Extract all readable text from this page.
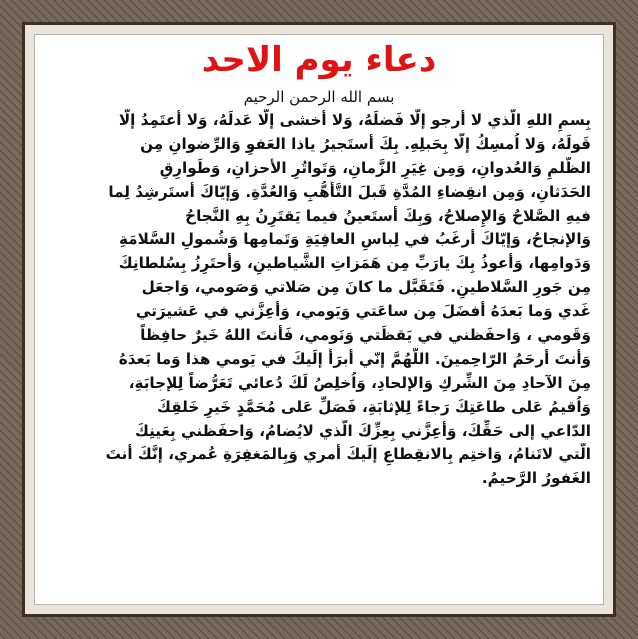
دعاء يوم الاحد
بسم الله الرحمن الرحيم
بِسمِ اللهِ الَّذي لا أرجو إلّا فَضلَهُ، وَلا أخشى إلّا عَدلَهُ، وَلا أعتَمِدُ إلّا
قَولَهُ، وَلا اُمسِكُ إلّا بِحَبلِهِ. بِكَ أستَجيرُ ياذا العَفوِ وَالرِّضوانِ مِن
الظُّلمِ وَالعُدوانِ، وَمِن غِيَرِ الزَّمانِ، وَتَواتُرِ الأحزانِ، وَطَوارِقِ
الحَدَثانِ، وَمِن انقِضاءِ المُدَّةِ قَبلَ التَّأَهُّبِ وَالعُدَّةِ. وَإيّاكَ أستَرشِدُ لِما
فيهِ الصَّلاحُ وَالإِصلاحُ، وَبِكَ أستَعينُ فيما يَقتَرِنُ بِهِ النَّجاحُ
وَالإنجاحُ، وَإيّاكَ أرغَبُ في لِباسِ العافِيَةِ وَتَمامِها وَشُمولِ السَّلامَةِ
وَدَوامِها، وَأعوذُ بِكَ يارَبِّ مِن هَمَزاتِ الشَّياطينِ، وَأحتَرِزُ بِسُلطانِكَ
مِن جَورِ السَّلاطينِ. فَتَقَبَّل ما كانَ مِن صَلاتي وَصَومي، وَاجعَل
غَدي وَما بَعدَهُ أفضَلَ مِن ساعَتي وَيَومي، وَأعِزَّني في عَشيرَتي
وَقَومي ، وَاحفَظني في يَقظَتي وَنَومي، فَأنتَ اللهُ خَيرٌ حافِظاً
وَأنتَ أرحَمُ الرّاحِمينَ. اللّهُمَّ إنّي أبرَأُ إلَيكَ في يَومي هذا وَما بَعدَهُ
مِنَ الآحادِ مِنَ الشِّركِ وَالإلحادِ، وَاُخلِصُ لَكَ دُعائي تَعَرُّضاً لِلإجابَةِ،
وَاُقيمُ عَلى طاعَتِكَ رَجاءً لِلإثابَةِ، فَصَلِّ عَلى مُحَمَّدٍ خَيرِ خَلقِكَ
الدّاعي إلى حَقِّكَ، وَأعِزَّني بِعِزِّكَ الَّذي لايُضامُ، وَاحفَظني بِعَينِكَ
الَّتي لاتَنامُ، وَاختِم بِالانقِطاعِ إلَيكَ أمري وَبِالمَغفِرَةِ عُمري، إنَّكَ أنتَ
الغَفورُ الرَّحيمُ.
